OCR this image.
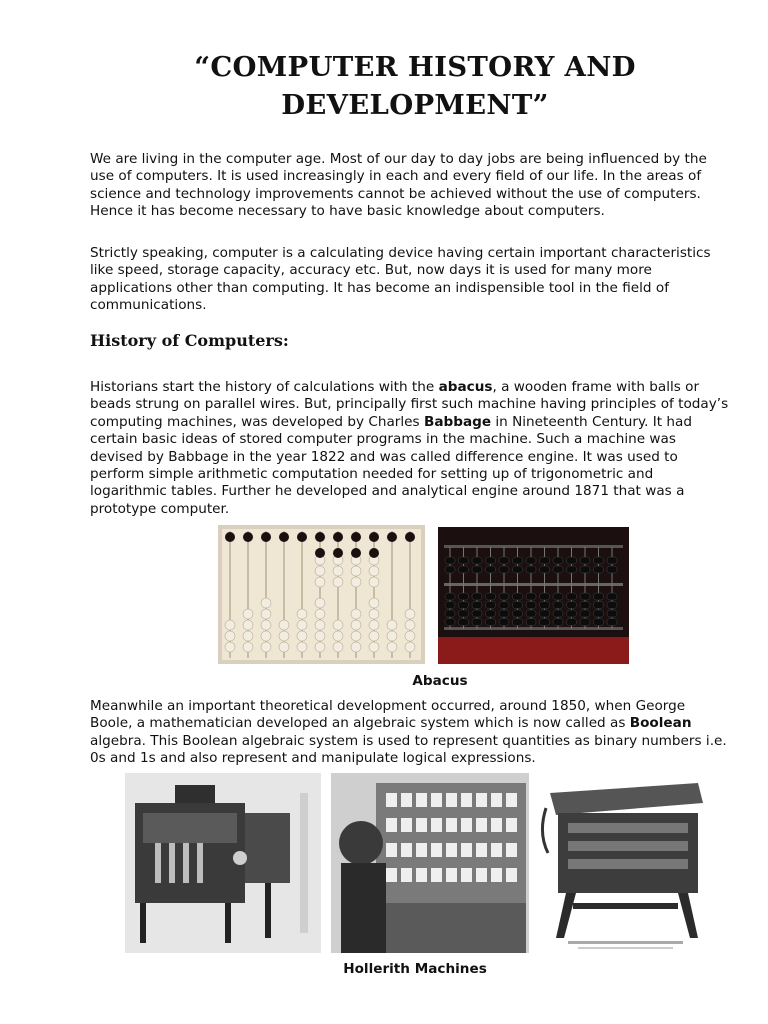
“COMPUTER HISTORY AND
DEVELOPMENT”

We are living in the computer age. Most of our day to day jobs are being influenced by the
use of computers. It is used increasingly in each and every field of our life. In the areas of
science and technology improvements cannot be achieved without the use of computers.
Hence it has become necessary to have basic knowledge about computers.

Strictly speaking, computer is a calculating device having certain important characteristics
like speed, storage capacity, accuracy etc. But, now days it is used for many more
applications other than computing. It has become an indispensible tool in the field of
communications.

History of Computers:

Historians start the history of calculations with the abacus, a wooden frame with balls or
beads strung on parallel wires. But, principally first such machine having principles of today’s
computing machines, was developed by Charles Babbage in Nineteenth Century. It had
certain basic ideas of stored computer programs in the machine. Such a machine was
devised by Babbage in the year 1822 and was called difference engine. It was used to
perform simple arithmetic computation needed for setting up of trigonometric and
logarithmic tables. Further he developed and analytical engine around 1871 that was a
prototype computer.

Abacus

Meanwhile an important theoretical development occurred, around 1850, when George
Boole, a mathematician developed an algebraic system which is now called as Boolean
algebra. This Boolean algebraic system is used to represent quantities as binary numbers i.e.
0s and 1s and also represent and manipulate logical expressions.

Hollerith Machines
